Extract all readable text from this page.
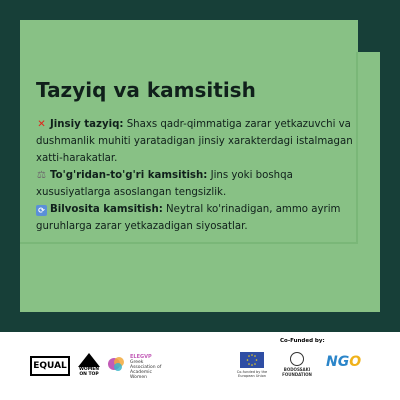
Tazyiq va kamsitish

✕ Jinsiy tazyiq: Shaxs qadr-qimmatiga zarar yetkazuvchi va dushmanlik muhiti yaratadigan jinsiy xarakterdagi istalmagan xatti-harakatlar.

⚖ To'g'ridan-to'g'ri kamsitish: Jins yoki boshqa xususiyatlarga asoslangan tengsizlik.

⟳ Bilvosita kamsitish: Neytral ko'rinadigan, ammo ayrim guruhlarga zarar yetkazadigan siyosatlar.

EQUAL	WOMEN ON TOP
ELEGVP
Greek Association of Academic Women
Co-Funded by:
Co-funded by the European Union
BODOSSAKI FOUNDATION
NGO
